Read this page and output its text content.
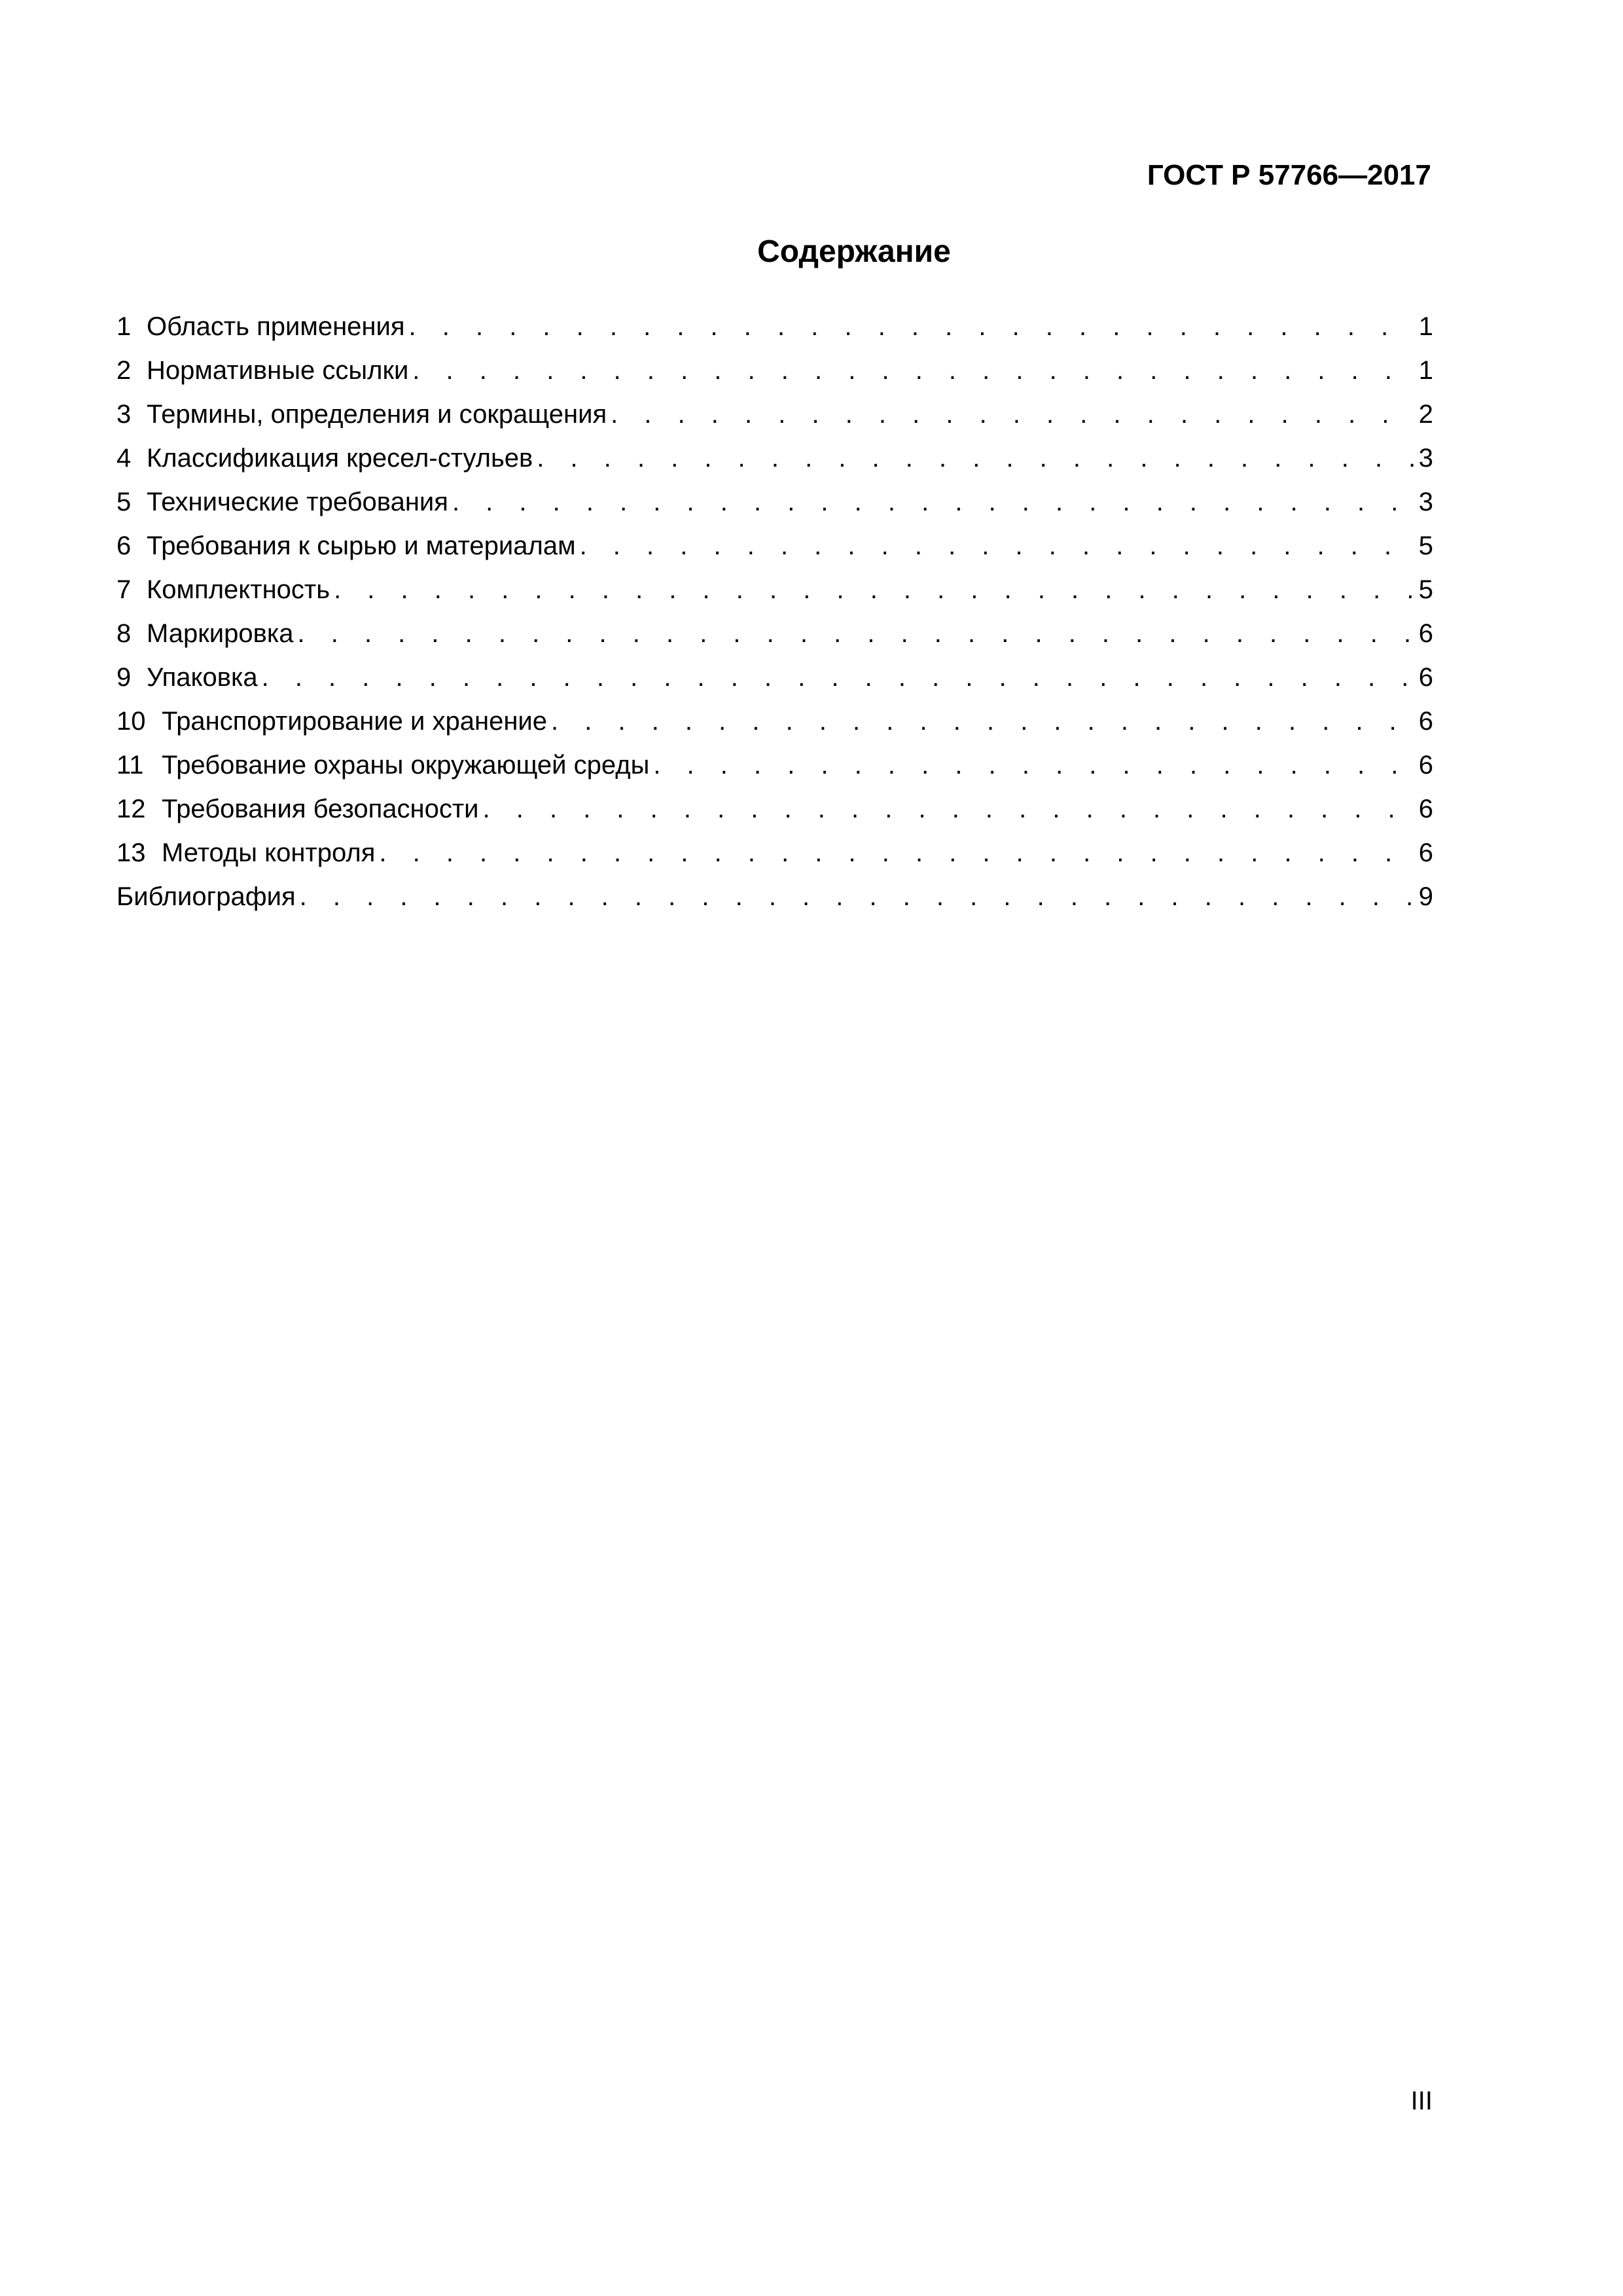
ГОСТ Р 57766—2017
Содержание
1 Область применения . . .	1
2 Нормативные ссылки . . .	1
3 Термины, определения и сокращения . . .	2
4 Классификация кресел-стульев . . .	3
5 Технические требования . . .	3
6 Требования к сырью и материалам . . .	5
7 Комплектность . . .	5
8 Маркировка . . .	6
9 Упаковка . . .	6
10 Транспортирование и хранение . . .	6
11 Требование охраны окружающей среды . . .	6
12 Требования безопасности . . .	6
13 Методы контроля . . .	6
Библиография . . .	9
III
